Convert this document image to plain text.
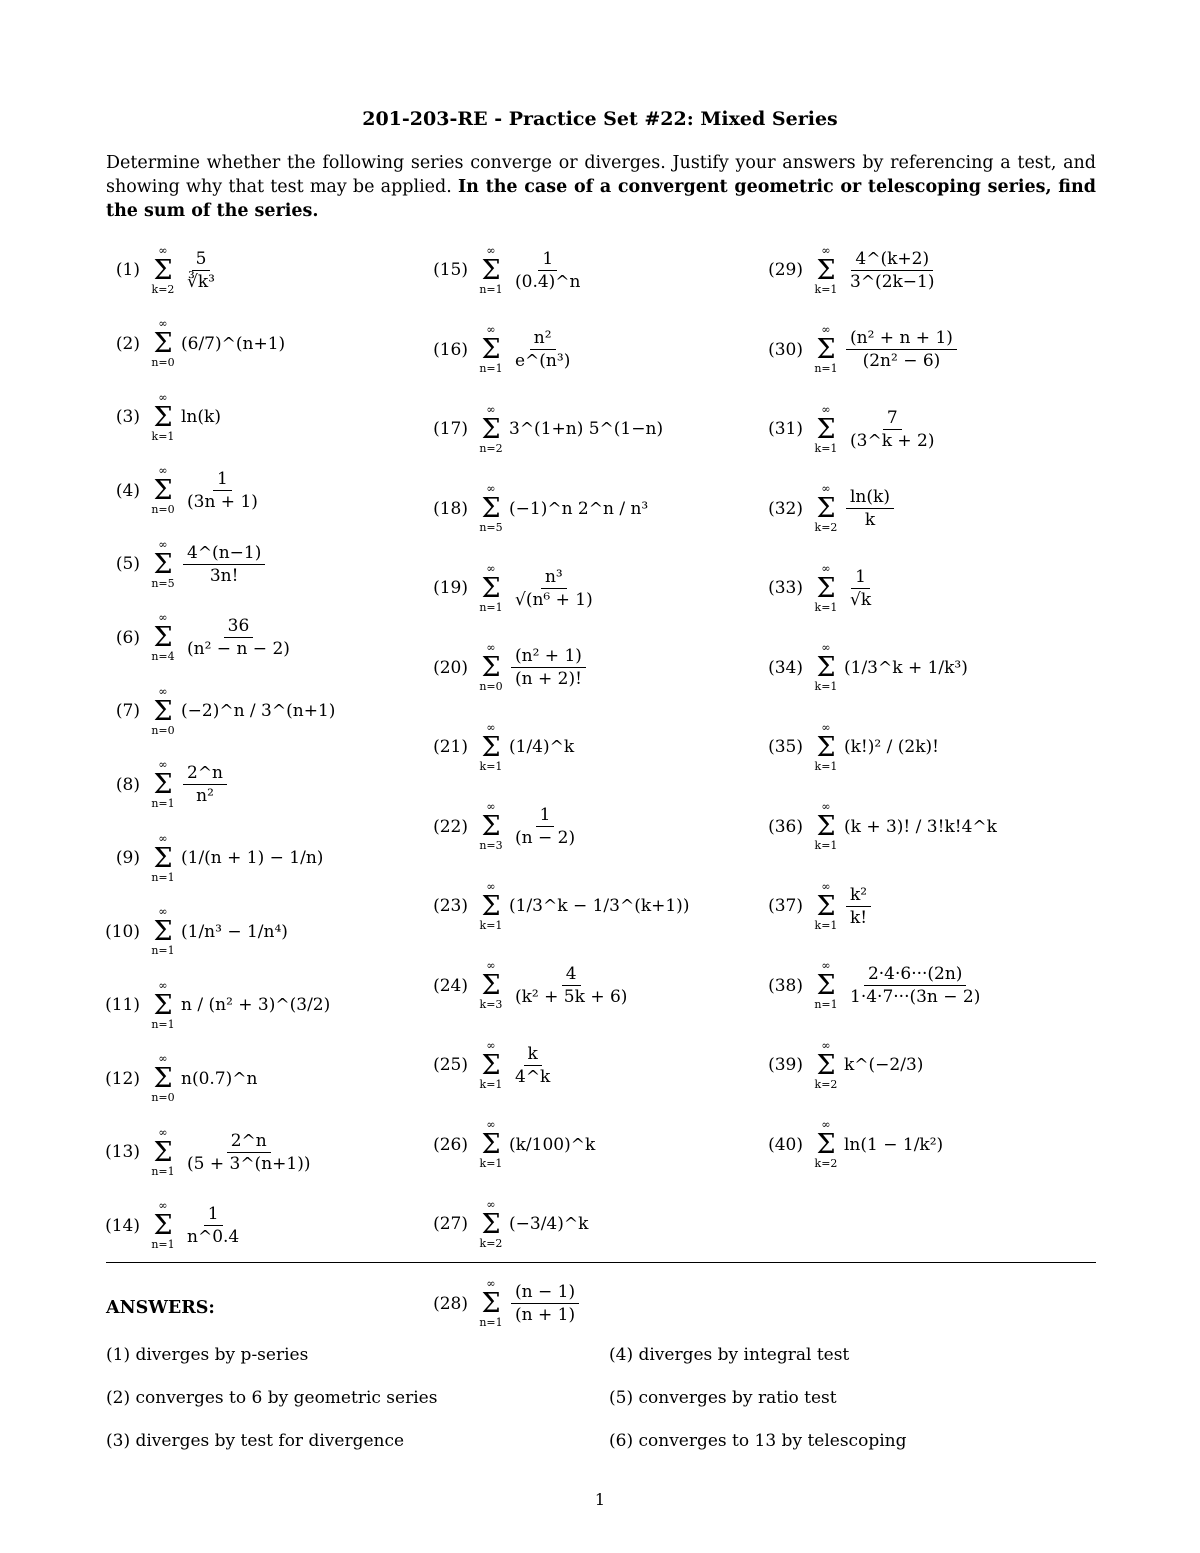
201-203-RE - Practice Set #22: Mixed Series
Determine whether the following series converge or diverges. Justify your answers by referencing a test, and showing why that test may be applied. In the case of a convergent geometric or telescoping series, find the sum of the series.
(1)
∞
Σ
$k=2 \frac{5}{\text{∛k³}}$
(2)
∞
Σ
n=0
(6/7)^(n+1)
(3)
∞
Σ
k=1
ln(k)
(4)
∞
Σ
$n=0 \frac{1}{(3n + 1)}$
(5)
∞
Σ
$n=5 \frac{4\^{}(n-1)}{3n!}$
(6)
∞
Σ
$n=4 \frac{36}{\text{(n² − n − 2)}}$
(7)
∞
Σ
n=0
(−2)^n / 3^(n+1)
(8)
∞
Σ
$n=1 \frac{2\^{}n}{\text{n²}}$
(9)
∞
Σ
n=1
(1/(n + 1) − 1/n)
(10)
∞
Σ
n=1
(1/n³ − 1/n⁴)
(11)
∞
Σ
n=1
n / (n² + 3)^(3/2)
(12)
∞
Σ
n=0
n(0.7)^n
(13)
∞
Σ
$n=1 \frac{2\^{}n}{(5 + 3\^{}(n+1))}$
(14)
∞
Σ
$n=1 \frac{1}{n\^{}0.4}$
(15)
∞
Σ
$n=1 \frac{1}{(0.4)\^{}n}$
(16)
∞
Σ
$n=1 \frac{\text{n²}}{\text{e\textasciicircum{}(n³)}}$
(17)
∞
Σ
n=2
3^(1+n) 5^(1−n)
(18)
∞
Σ
n=5
(−1)^n 2^n / n³
(19)
∞
Σ
$n=1 \frac{\text{n³}}{\text{√(n⁶ + 1)}}$
(20)
∞
Σ
$n=0 \frac{\text{(n² + 1)}}{(n + 2)!}$
(21)
∞
Σ
k=1
(1/4)^k
(22)
∞
Σ
$n=3 \frac{1}{(n - 2)}$
(23)
∞
Σ
k=1
(1/3^k − 1/3^(k+1))
(24)
∞
Σ
$k=3 \frac{4}{\text{(k² + 5k + 6)}}$
(25)
∞
Σ
$k=1 \frac{k}{4\^{}k}$
(26)
∞
Σ
k=1
(k/100)^k
(27)
∞
Σ
k=2
(−3/4)^k
(28)
∞
Σ
$n=1 \frac{(n - 1)}{(n + 1)}$
(29)
∞
Σ
$k=1 \frac{4\^{}(k+2)}{3\^{}(2k-1)}$
(30)
∞
Σ
$n=1 \frac{\text{(n² + n + 1)}}{\text{(2n² − 6)}}$
(31)
∞
Σ
$k=1 \frac{7}{(3\^{}k + 2)}$
(32)
∞
Σ
$k=2 \frac{\ln(k)}{k}$
(33)
∞
Σ
$k=1 \frac{1}{√k}$
(34)
∞
Σ
k=1
(1/3^k + 1/k³)
(35)
∞
Σ
k=1
(k!)² / (2k)!
(36)
∞
Σ
k=1
(k + 3)! / 3!k!4^k
(37)
∞
Σ
$k=1 \frac{\text{k²}}{k!}$
(38)
∞
Σ
$n=1 \frac{2\cdot 4\cdot 6\cdot\cdot\cdot(2n)}{1\cdot 4\cdot 7\cdot\cdot\cdot(3n - 2)}$
(39)
∞
Σ
k=2
k^(−2/3)
(40)
∞
Σ
k=2
ln(1 − 1/k²)
ANSWERS:
(1) diverges by p-series
(2) converges to 6 by geometric series
(3) diverges by test for divergence
(4) diverges by integral test
(5) converges by ratio test
(6) converges to 13 by telescoping
1
